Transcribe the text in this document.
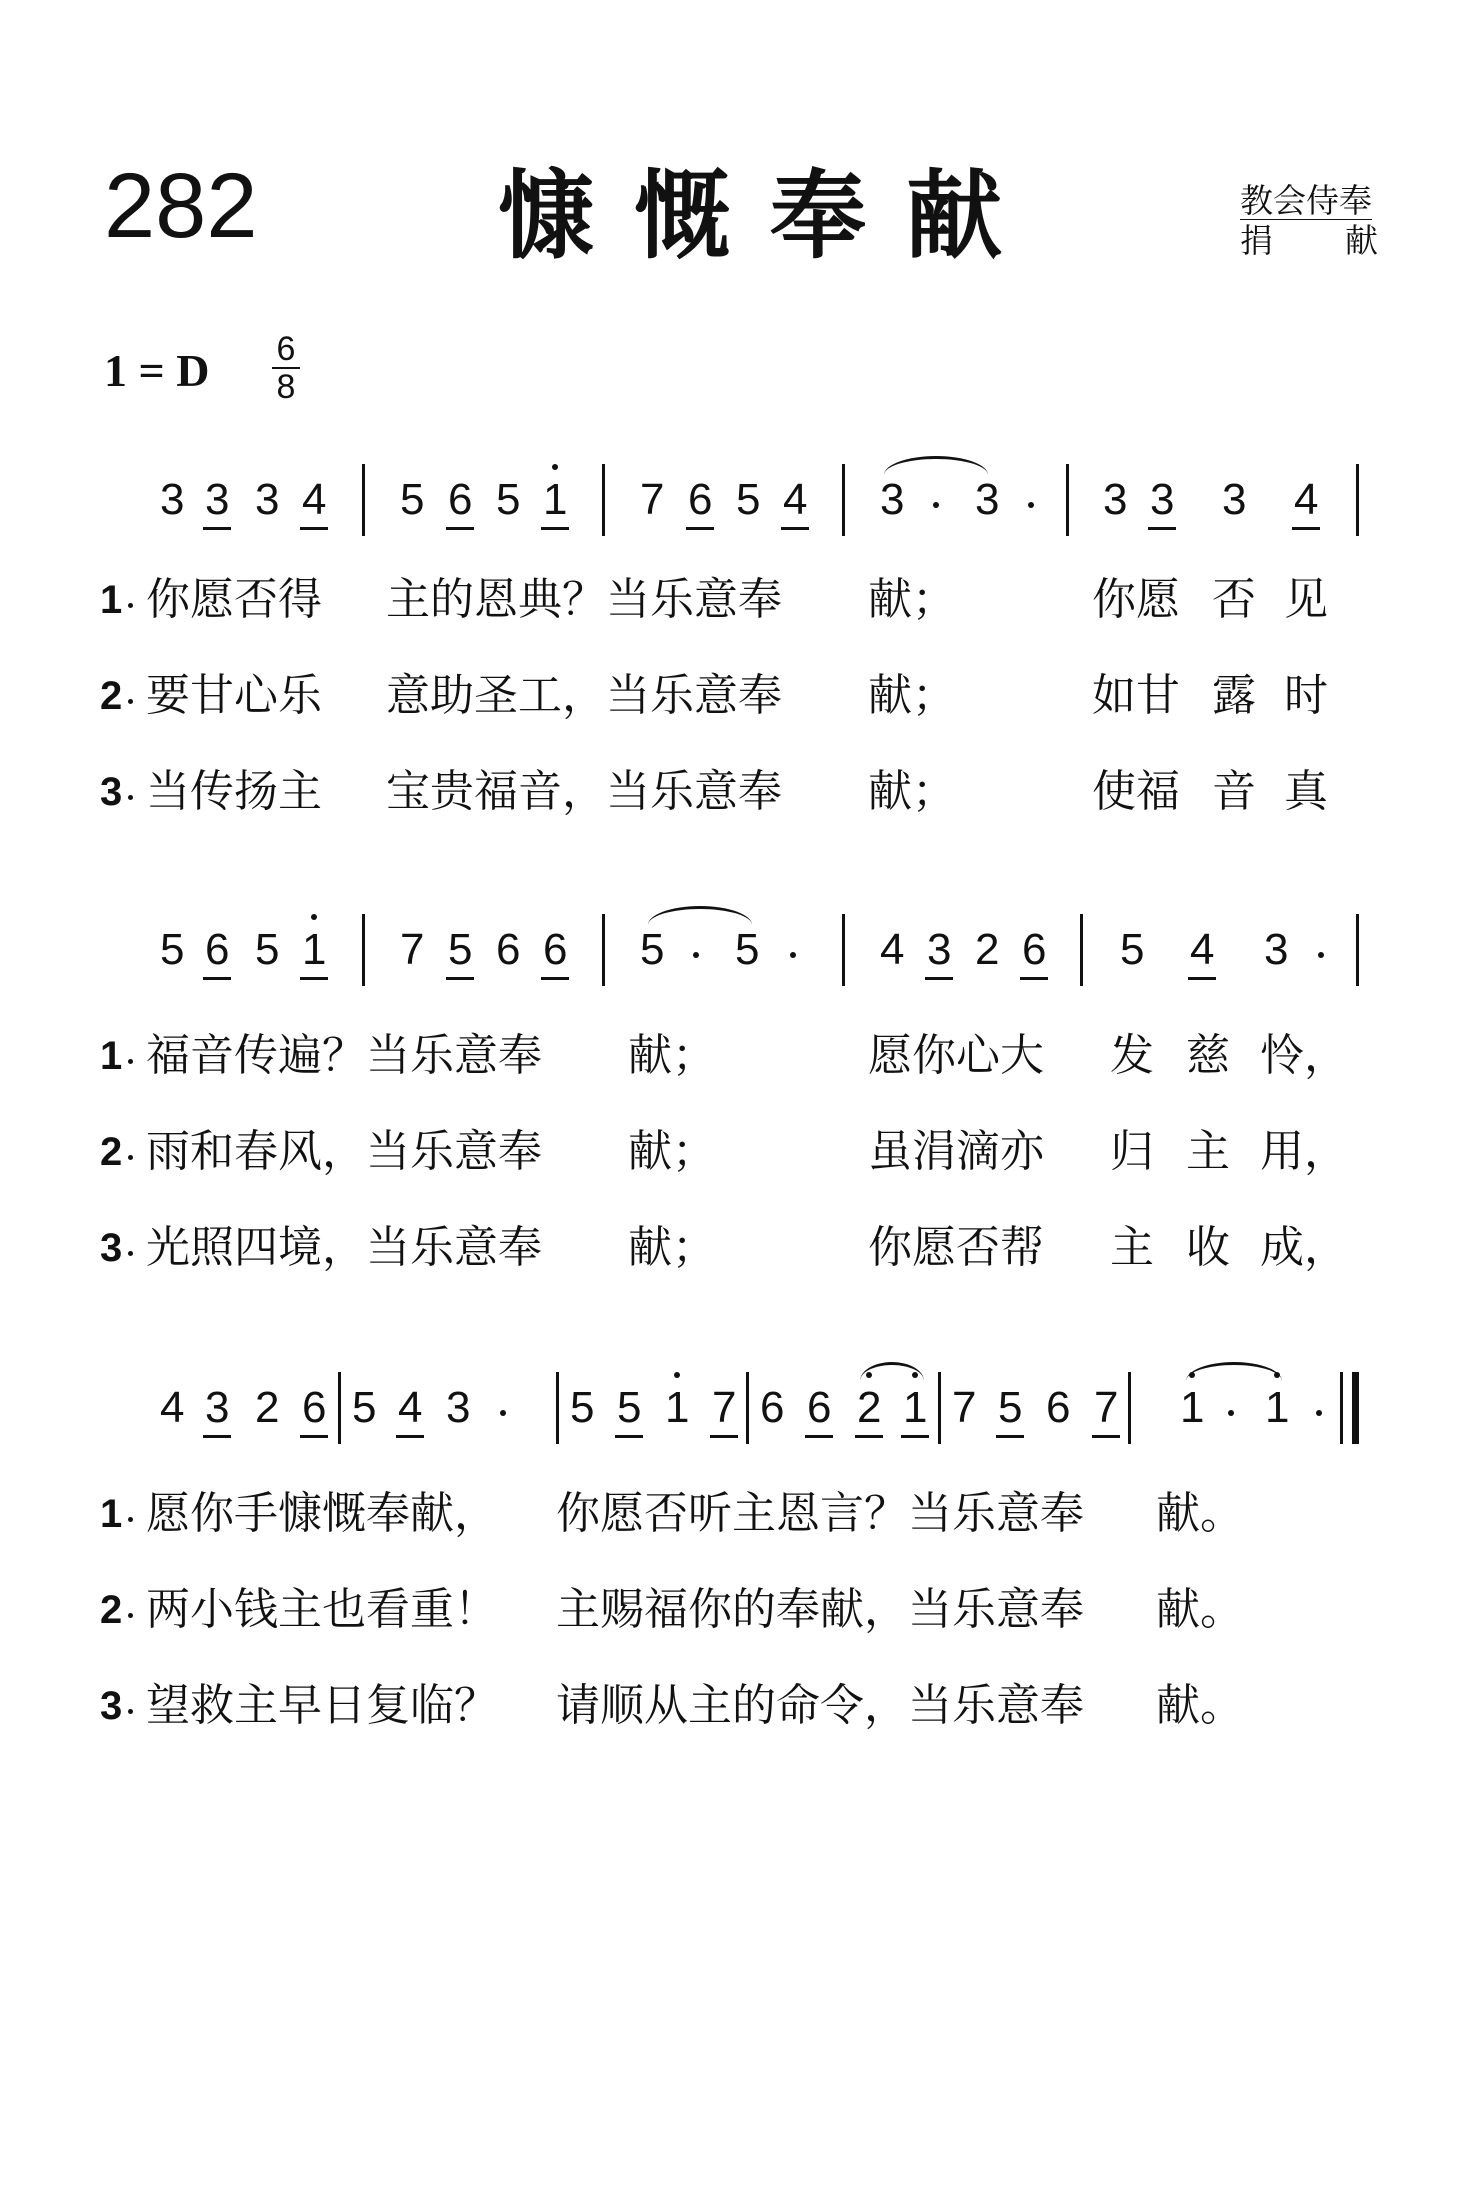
282	慷慨奉献	教会侍奉
捐 献
1 = D $\frac{6}{8}$
3 3 3 4 5 6 5 1 7 6 5 4 3 3 3 3 3 4
1 你愿否得 主的恩典？当乐意奉 献；	你愿 否 见
2 要甘心乐 意助圣工，当乐意奉 献；	如甘 露 时
3 当传扬主 宝贵福音，当乐意奉 献；	使福 音 真
5 6 5 1 7 5 6 6 5 5	4 3 2 6 5 4 3
1 福音传遍？当乐意奉 献；	愿你心大 发 慈 怜，
2 雨和春风，当乐意奉 献；	虽涓滴亦 归 主 用，
3 光照四境，当乐意奉 献；	你愿否帮 主 收 成，
4 3 2 6 5 4 3 5 5 1 7 6 6 2 1 7 5 6 7 1 1
1 愿你手慷慨奉献， 你愿否听主恩言？当乐意奉 献。
2 两小钱主也看重！ 主赐福你的奉献，当乐意奉 献。
3 望救主早日复临？ 请顺从主的命令，当乐意奉 献。
